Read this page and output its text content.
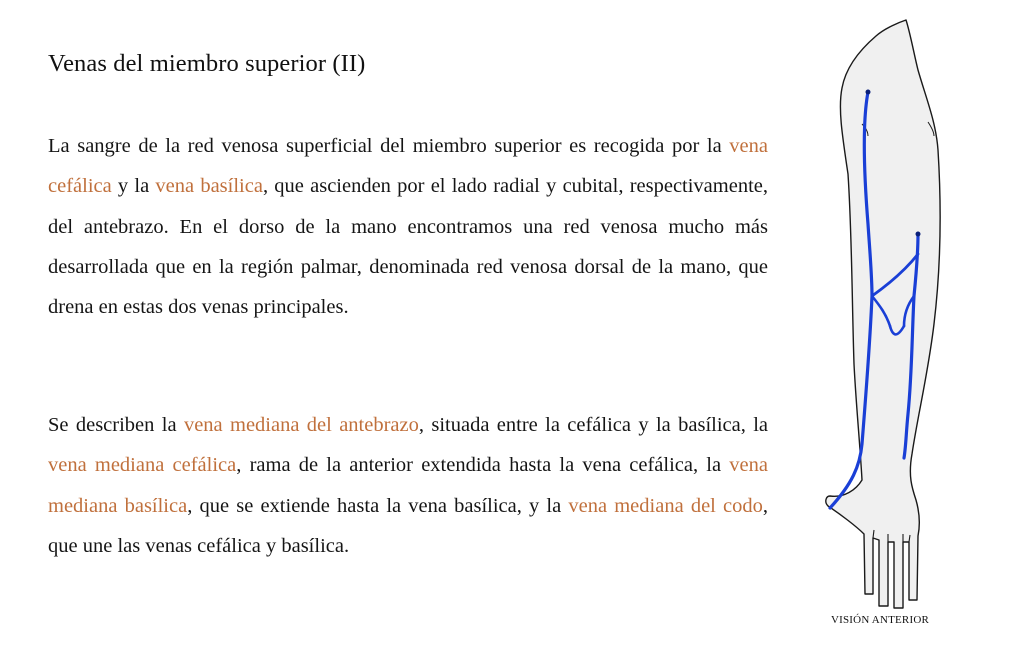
Venas del miembro superior (II)

La sangre de la red venosa superficial del miembro superior es recogida por la vena cefálica y la vena basílica, que ascienden por el lado radial y cubital, respectivamente, del antebrazo. En el dorso de la mano encontramos una red venosa mucho más desarrollada que en la región palmar, denominada red venosa dorsal de la mano, que drena en estas dos venas principales.

Se describen la vena mediana del antebrazo, situada entre la cefálica y la basílica, la vena mediana cefálica, rama de la anterior extendida hasta la vena cefálica, la vena mediana basílica, que se extiende hasta la vena basílica, y la vena mediana del codo, que une las venas cefálica y basílica.

VISIÓN ANTERIOR
